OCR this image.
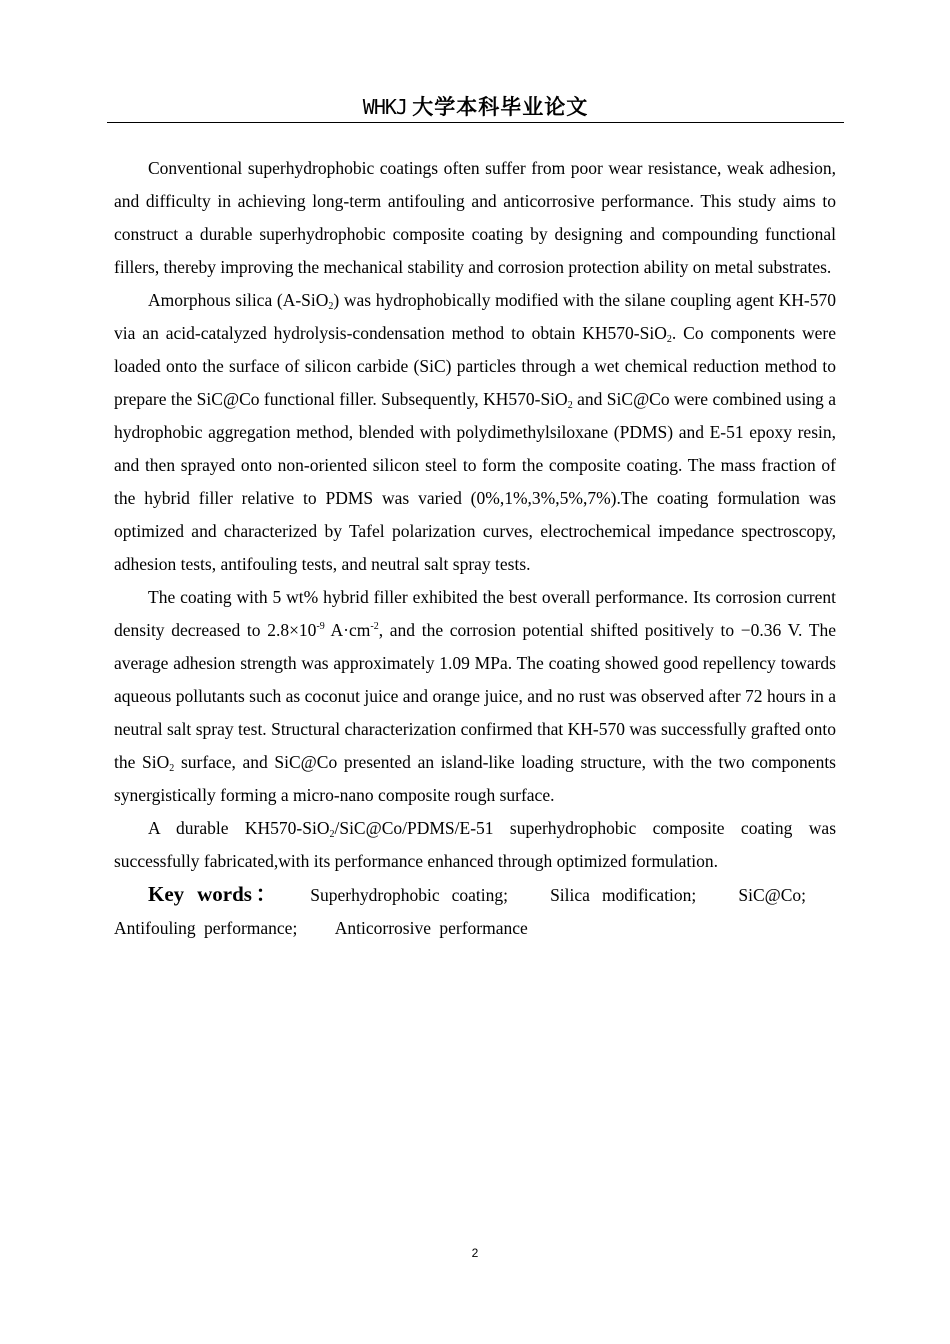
WHKJ 大学本科毕业论文

Conventional superhydrophobic coatings often suffer from poor wear resistance, weak adhesion, and difficulty in achieving long-term antifouling and anticorrosive performance. This study aims to construct a durable superhydrophobic composite coating by designing and compounding functional fillers, thereby improving the mechanical stability and corrosion protection ability on metal substrates.

Amorphous silica (A-SiO$_2$) was hydrophobically modified with the silane coupling agent KH-570 via an acid-catalyzed hydrolysis-condensation method to obtain KH570-SiO$_2$. Co components were loaded onto the surface of silicon carbide (SiC) particles through a wet chemical reduction method to prepare the SiC@Co functional filler. Subsequently, KH570-SiO$_2$ and SiC@Co were combined using a hydrophobic aggregation method, blended with polydimethylsiloxane (PDMS) and E-51 epoxy resin, and then sprayed onto non-oriented silicon steel to form the composite coating. The mass fraction of the hybrid filler relative to PDMS was varied (0%,1%,3%,5%,7%).The coating formulation was optimized and characterized by Tafel polarization curves, electrochemical impedance spectroscopy, adhesion tests, antifouling tests, and neutral salt spray tests.

The coating with 5 wt% hybrid filler exhibited the best overall performance. Its corrosion current density decreased to $2.8\times 10^{-9}$ $A\cdot cm^{-2}$, and the corrosion potential shifted positively to −0.36 V. The average adhesion strength was approximately 1.09 MPa. The coating showed good repellency towards aqueous pollutants such as coconut juice and orange juice, and no rust was observed after 72 hours in a neutral salt spray test. Structural characterization confirmed that KH-570 was successfully grafted onto the SiO$_2$ surface, and SiC@Co presented an island-like loading structure, with the two components synergistically forming a micro-nano composite rough surface.

A durable KH570-SiO$_2$/SiC@Co/PDMS/E-51 superhydrophobic composite coating was successfully fabricated,with its performance enhanced through optimized formulation.

Key words： Superhydrophobic coating; Silica modification; SiC@Co; Antifouling performance; Anticorrosive performance

2
